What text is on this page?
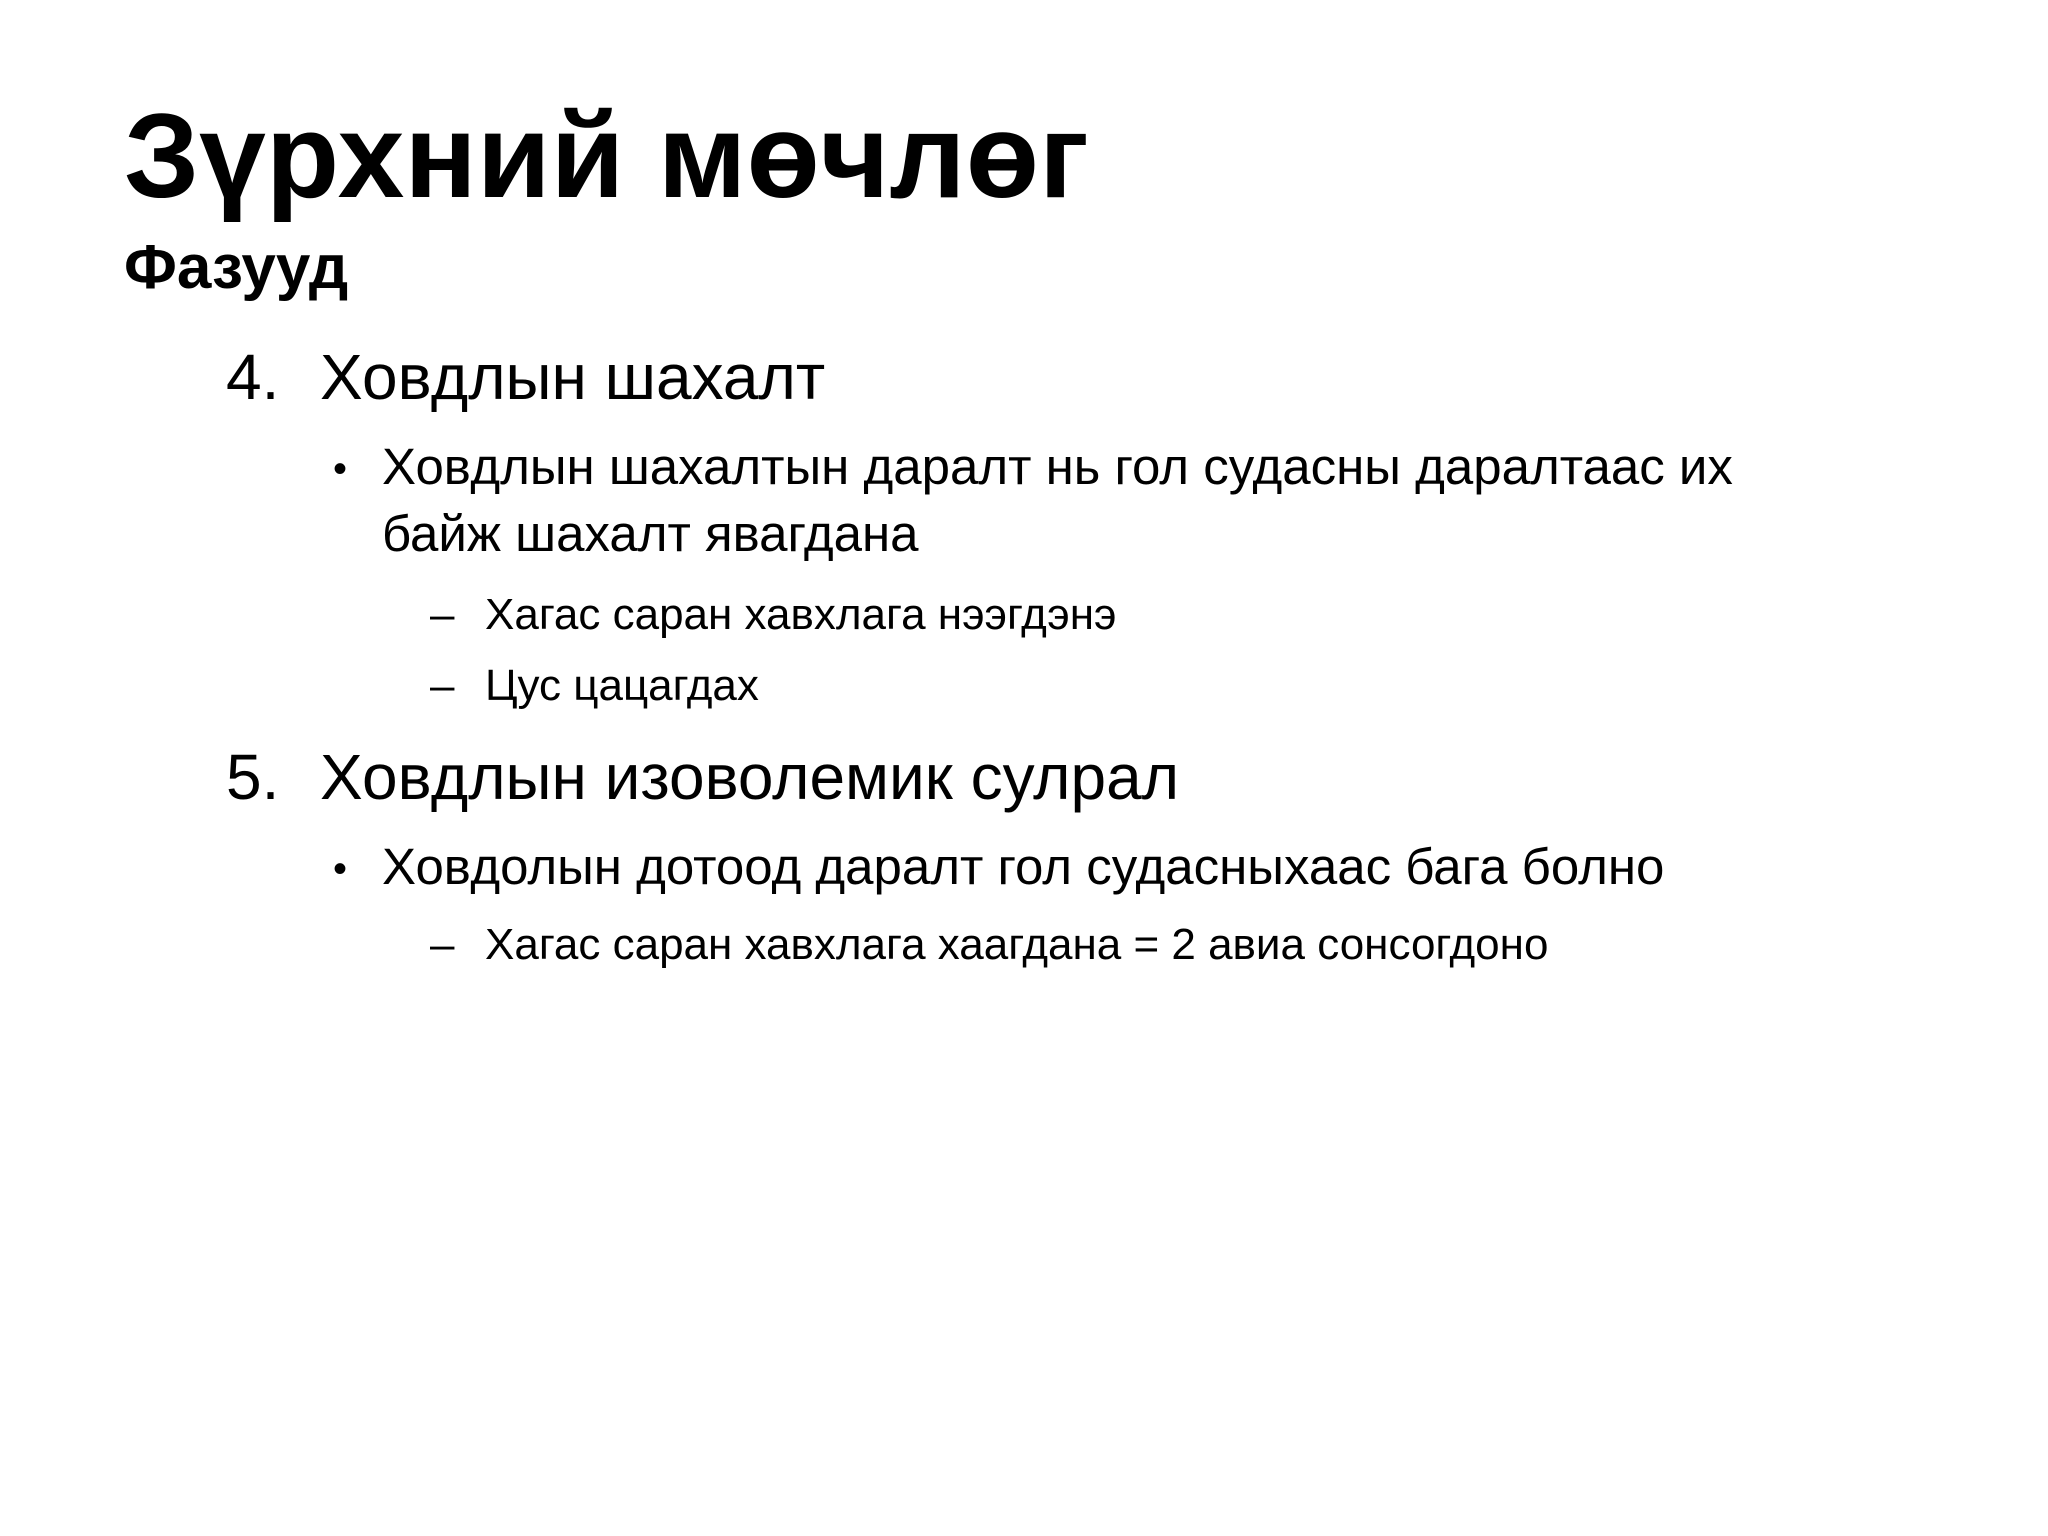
Зүрхний мөчлөг
Фазууд
4. Ховдлын шахалт
• Ховдлын шахалтын даралт нь гол судасны даралтаас их
байж шахалт явагдана
– Хагас саран хавхлага нээгдэнэ
– Цус цацагдах
5. Ховдлын изоволемик сулрал
• Ховдолын дотоод даралт гол судасныхаас бага болно
– Хагас саран хавхлага хаагдана = 2 авиа сонсогдоно
